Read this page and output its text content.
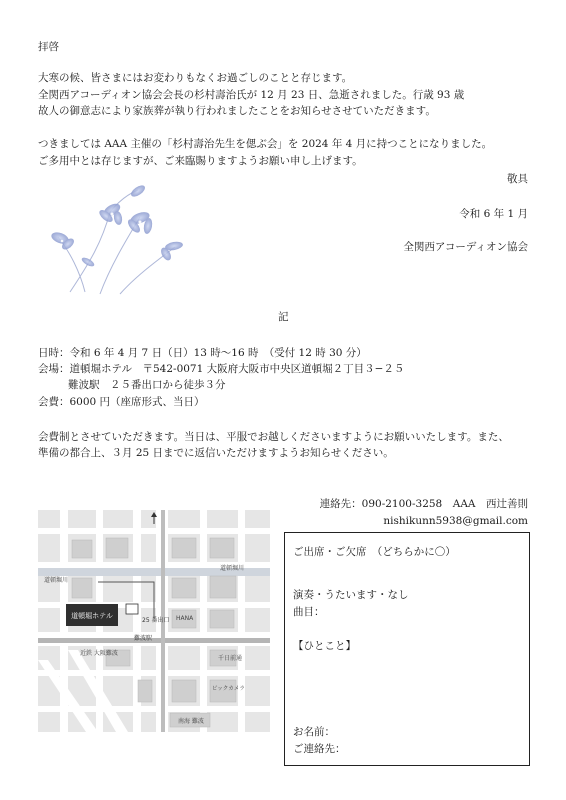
拝啓
大寒の候、皆さまにはお変わりもなくお過ごしのことと存じます。
全関西アコーディオン協会会長の杉村壽治氏が 12 月 23 日、急逝されました。行歳 93 歳
故人の御意志により家族葬が執り行われましたことをお知らせさせていただきます。
つきましては AAA 主催の「杉村壽治先生を偲ぶ会」を 2024 年 4 月に持つことになりました。
ご多用中とは存じますが、ご来臨賜りますようお願い申し上げます。
敬具
令和 6 年 1 月
全関西アコーディオン協会
記
日時：令和 6 年 4 月 7 日（日）13 時～16 時　（受付 12 時 30 分）
会場：道頓堀ホテル　〒542-0071 大阪府大阪市中央区道頓堀２丁目３−２５
難波駅　２５番出口から徒歩３分
会費：6000 円（座席形式、当日）
会費制とさせていただきます。当日は、平服でお越しくださいますようにお願いいたします。また、
準備の都合上、３月 25 日までに返信いただけますようお知らせください。
連絡先：090-2100-3258　AAA　西辻善則
nishikunn5938@gmail.com
道頓堀ホテル
25 番出口
道頓堀川
道頓堀川
千日前通
近鉄 大阪難波
難波駅
ビックカメラ
HANA
南海 難波
ご出席・ご欠席　（どちらかに〇）
演奏・うたいます・なし
曲目：
【ひとこと】
お名前：
ご連絡先：
